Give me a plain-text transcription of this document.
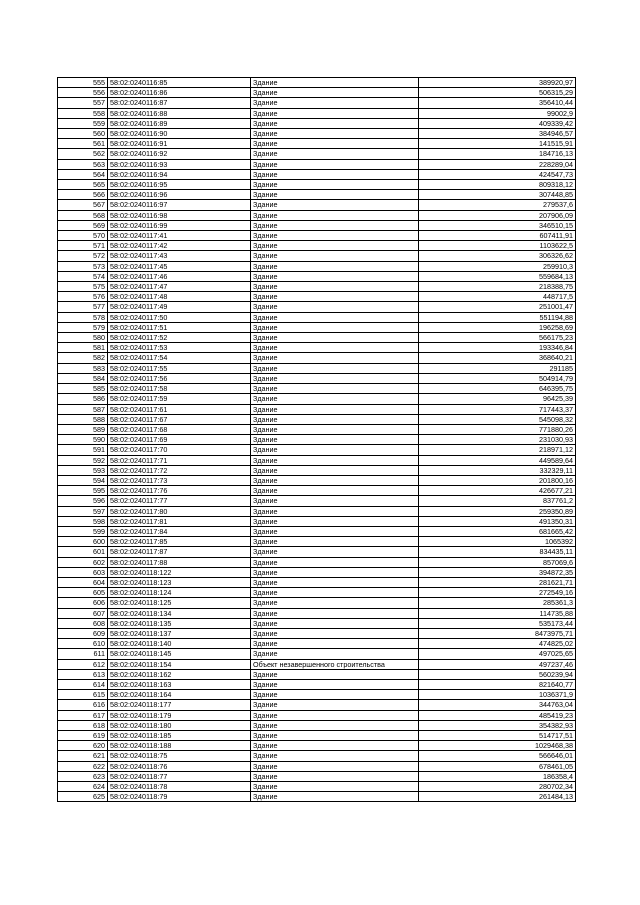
555	58:02:0240116:85	Здание	389920,97
556	58:02:0240116:86	Здание	506315,29
557	58:02:0240116:87	Здание	356410,44
558	58:02:0240116:88	Здание	99002,9
559	58:02:0240116:89	Здание	409339,42
560	58:02:0240116:90	Здание	384946,57
561	58:02:0240116:91	Здание	141515,91
562	58:02:0240116:92	Здание	184716,13
563	58:02:0240116:93	Здание	228289,04
564	58:02:0240116:94	Здание	424547,73
565	58:02:0240116:95	Здание	809318,12
566	58:02:0240116:96	Здание	307448,85
567	58:02:0240116:97	Здание	279537,6
568	58:02:0240116:98	Здание	207906,09
569	58:02:0240116:99	Здание	346510,15
570	58:02:0240117:41	Здание	607411,91
571	58:02:0240117:42	Здание	1103622,5
572	58:02:0240117:43	Здание	306326,62
573	58:02:0240117:45	Здание	259910,3
574	58:02:0240117:46	Здание	559684,13
575	58:02:0240117:47	Здание	218388,75
576	58:02:0240117:48	Здание	448717,5
577	58:02:0240117:49	Здание	251001,47
578	58:02:0240117:50	Здание	551194,88
579	58:02:0240117:51	Здание	196258,69
580	58:02:0240117:52	Здание	566175,23
581	58:02:0240117:53	Здание	193346,84
582	58:02:0240117:54	Здание	368640,21
583	58:02:0240117:55	Здание	291185
584	58:02:0240117:56	Здание	504914,79
585	58:02:0240117:58	Здание	646395,75
586	58:02:0240117:59	Здание	96425,39
587	58:02:0240117:61	Здание	717443,37
588	58:02:0240117:67	Здание	545098,32
589	58:02:0240117:68	Здание	771880,26
590	58:02:0240117:69	Здание	231030,93
591	58:02:0240117:70	Здание	218971,12
592	58:02:0240117:71	Здание	449589,64
593	58:02:0240117:72	Здание	332329,11
594	58:02:0240117:73	Здание	201800,16
595	58:02:0240117:76	Здание	426677,21
596	58:02:0240117:77	Здание	837761,2
597	58:02:0240117:80	Здание	259350,89
598	58:02:0240117:81	Здание	491350,31
599	58:02:0240117:84	Здание	681665,42
600	58:02:0240117:85	Здание	1065392
601	58:02:0240117:87	Здание	834435,11
602	58:02:0240117:88	Здание	857069,6
603	58:02:0240118:122	Здание	394872,35
604	58:02:0240118:123	Здание	281621,71
605	58:02:0240118:124	Здание	272549,16
606	58:02:0240118:125	Здание	285361,3
607	58:02:0240118:134	Здание	114735,88
608	58:02:0240118:135	Здание	535173,44
609	58:02:0240118:137	Здание	8473975,71
610	58:02:0240118:140	Здание	474825,02
611	58:02:0240118:145	Здание	497025,65
612	58:02:0240118:154	Объект незавершенного строительства	497237,46
613	58:02:0240118:162	Здание	560239,94
614	58:02:0240118:163	Здание	821640,77
615	58:02:0240118:164	Здание	1036371,9
616	58:02:0240118:177	Здание	344763,04
617	58:02:0240118:179	Здание	485419,23
618	58:02:0240118:180	Здание	354382,93
619	58:02:0240118:185	Здание	514717,51
620	58:02:0240118:188	Здание	1029468,38
621	58:02:0240118:75	Здание	566646,01
622	58:02:0240118:76	Здание	678461,05
623	58:02:0240118:77	Здание	186358,4
624	58:02:0240118:78	Здание	280702,34
625	58:02:0240118:79	Здание	261484,13
